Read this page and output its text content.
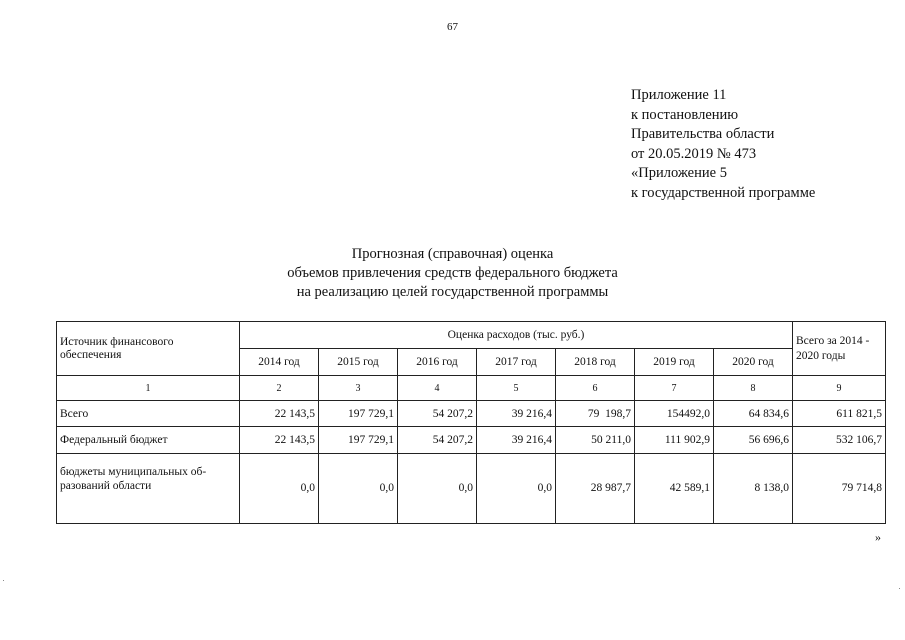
67
Приложение 11
к постановлению
Правительства области
от 20.05.2019 № 473
«Приложение 5
к государственной программе
Прогнозная (справочная) оценка
объемов привлечения средств федерального бюджета
на реализацию целей государственной программы
Источник финансового обеспечения	Оценка расходов (тыс. руб.)							Всего за 2014 - 2020 годы
	2014 год	2015 год	2016 год	2017 год	2018 год	2019 год	2020 год	
1	2	3	4	5	6	7	8	9
Всего	22 143,5	197 729,1	54 207,2	39 216,4	79  198,7	154492,0	64 834,6	611 821,5
Федеральный бюджет	22 143,5	197 729,1	54 207,2	39 216,4	50 211,0	111 902,9	56 696,6	532 106,7

бюджеты муниципальных об-
разований области	0,0	0,0	0,0	0,0	28 987,7	42 589,1	8 138,0	79 714,8
»
